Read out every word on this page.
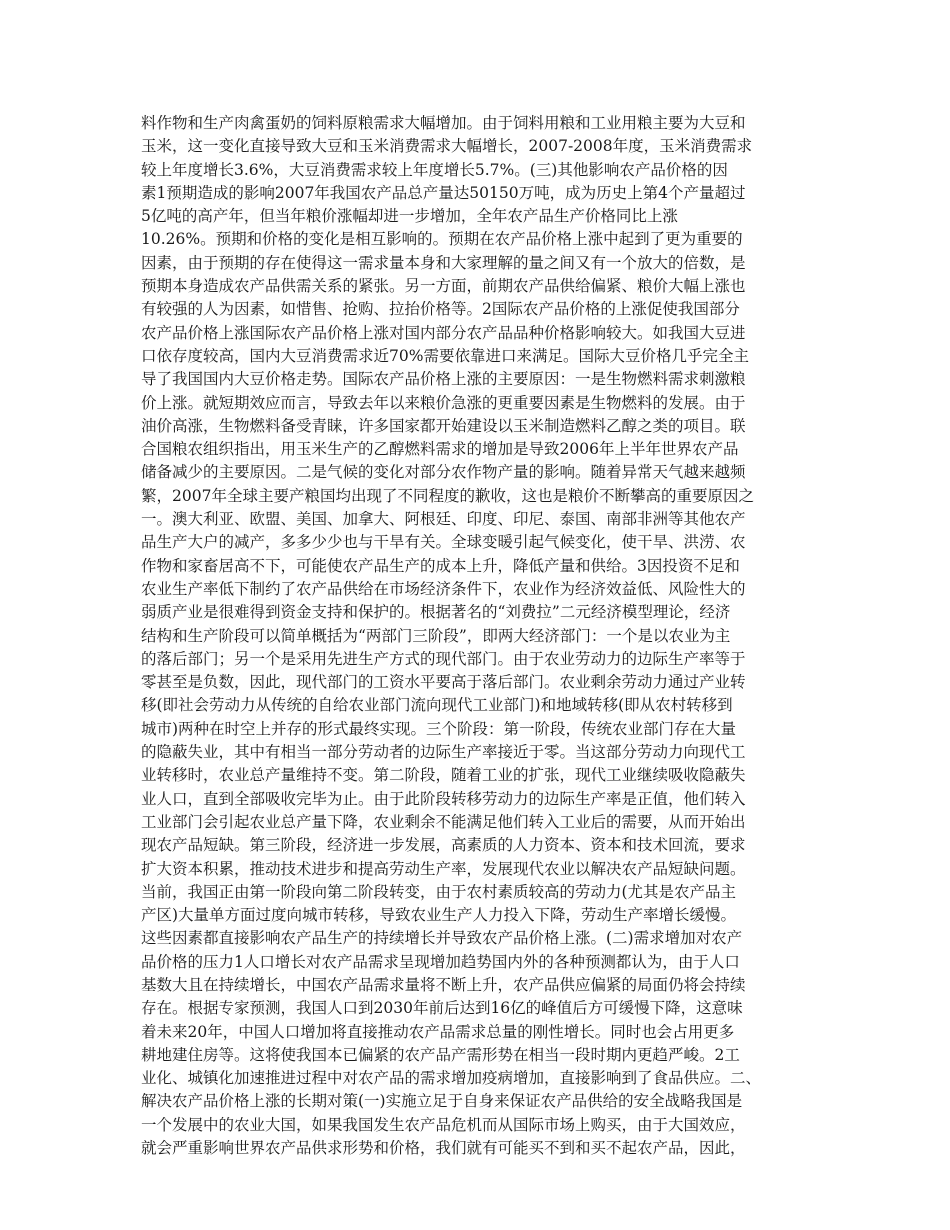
料作物和生产肉禽蛋奶的饲料原粮需求大幅增加。由于饲料用粮和工业用粮主要为大豆和
玉米，这一变化直接导致大豆和玉米消费需求大幅增长，2007-2008年度，玉米消费需求
较上年度增长3.6%，大豆消费需求较上年度增长5.7%。(三)其他影响农产品价格的因
素1预期造成的影响2007年我国农产品总产量达50150万吨，成为历史上第4个产量超过
5亿吨的高产年，但当年粮价涨幅却进一步增加，全年农产品生产价格同比上涨
10.26%。预期和价格的变化是相互影响的。预期在农产品价格上涨中起到了更为重要的
因素，由于预期的存在使得这一需求量本身和大家理解的量之间又有一个放大的倍数，是
预期本身造成农产品供需关系的紧张。另一方面，前期农产品供给偏紧、粮价大幅上涨也
有较强的人为因素，如惜售、抢购、拉抬价格等。2国际农产品价格的上涨促使我国部分
农产品价格上涨国际农产品价格上涨对国内部分农产品品种价格影响较大。如我国大豆进
口依存度较高，国内大豆消费需求近70%需要依靠进口来满足。国际大豆价格几乎完全主
导了我国国内大豆价格走势。国际农产品价格上涨的主要原因：一是生物燃料需求刺激粮
价上涨。就短期效应而言，导致去年以来粮价急涨的更重要因素是生物燃料的发展。由于
油价高涨，生物燃料备受青睐，许多国家都开始建设以玉米制造燃料乙醇之类的项目。联
合国粮农组织指出，用玉米生产的乙醇燃料需求的增加是导致2006年上半年世界农产品
储备减少的主要原因。二是气候的变化对部分农作物产量的影响。随着异常天气越来越频
繁，2007年全球主要产粮国均出现了不同程度的歉收，这也是粮价不断攀高的重要原因之
一。澳大利亚、欧盟、美国、加拿大、阿根廷、印度、印尼、泰国、南部非洲等其他农产
品生产大户的减产，多多少少也与干旱有关。全球变暖引起气候变化，使干旱、洪涝、农
作物和家畜居高不下，可能使农产品生产的成本上升，降低产量和供给。3因投资不足和
农业生产率低下制约了农产品供给在市场经济条件下，农业作为经济效益低、风险性大的
弱质产业是很难得到资金支持和保护的。根据著名的“刘费拉”二元经济模型理论，经济
结构和生产阶段可以简单概括为“两部门三阶段”，即两大经济部门：一个是以农业为主
的落后部门；另一个是采用先进生产方式的现代部门。由于农业劳动力的边际生产率等于
零甚至是负数，因此，现代部门的工资水平要高于落后部门。农业剩余劳动力通过产业转
移(即社会劳动力从传统的自给农业部门流向现代工业部门)和地域转移(即从农村转移到
城市)两种在时空上并存的形式最终实现。三个阶段：第一阶段，传统农业部门存在大量
的隐蔽失业，其中有相当一部分劳动者的边际生产率接近于零。当这部分劳动力向现代工
业转移时，农业总产量维持不变。第二阶段，随着工业的扩张，现代工业继续吸收隐蔽失
业人口，直到全部吸收完毕为止。由于此阶段转移劳动力的边际生产率是正值，他们转入
工业部门会引起农业总产量下降，农业剩余不能满足他们转入工业后的需要，从而开始出
现农产品短缺。第三阶段，经济进一步发展，高素质的人力资本、资本和技术回流，要求
扩大资本积累，推动技术进步和提高劳动生产率，发展现代农业以解决农产品短缺问题。
当前，我国正由第一阶段向第二阶段转变，由于农村素质较高的劳动力(尤其是农产品主
产区)大量单方面过度向城市转移，导致农业生产人力投入下降，劳动生产率增长缓慢。
这些因素都直接影响农产品生产的持续增长并导致农产品价格上涨。(二)需求增加对农产
品价格的压力1人口增长对农产品需求呈现增加趋势国内外的各种预测都认为，由于人口
基数大且在持续增长，中国农产品需求量将不断上升，农产品供应偏紧的局面仍将会持续
存在。根据专家预测，我国人口到2030年前后达到16亿的峰值后方可缓慢下降，这意味
着未来20年，中国人口增加将直接推动农产品需求总量的刚性增长。同时也会占用更多
耕地建住房等。这将使我国本已偏紧的农产品产需形势在相当一段时期内更趋严峻。2工
业化、城镇化加速推进过程中对农产品的需求增加疫病增加，直接影响到了食品供应。二、
解决农产品价格上涨的长期对策(一)实施立足于自身来保证农产品供给的安全战略我国是
一个发展中的农业大国，如果我国发生农产品危机而从国际市场上购买，由于大国效应，
就会严重影响世界农产品供求形势和价格，我们就有可能买不到和买不起农产品，因此，
